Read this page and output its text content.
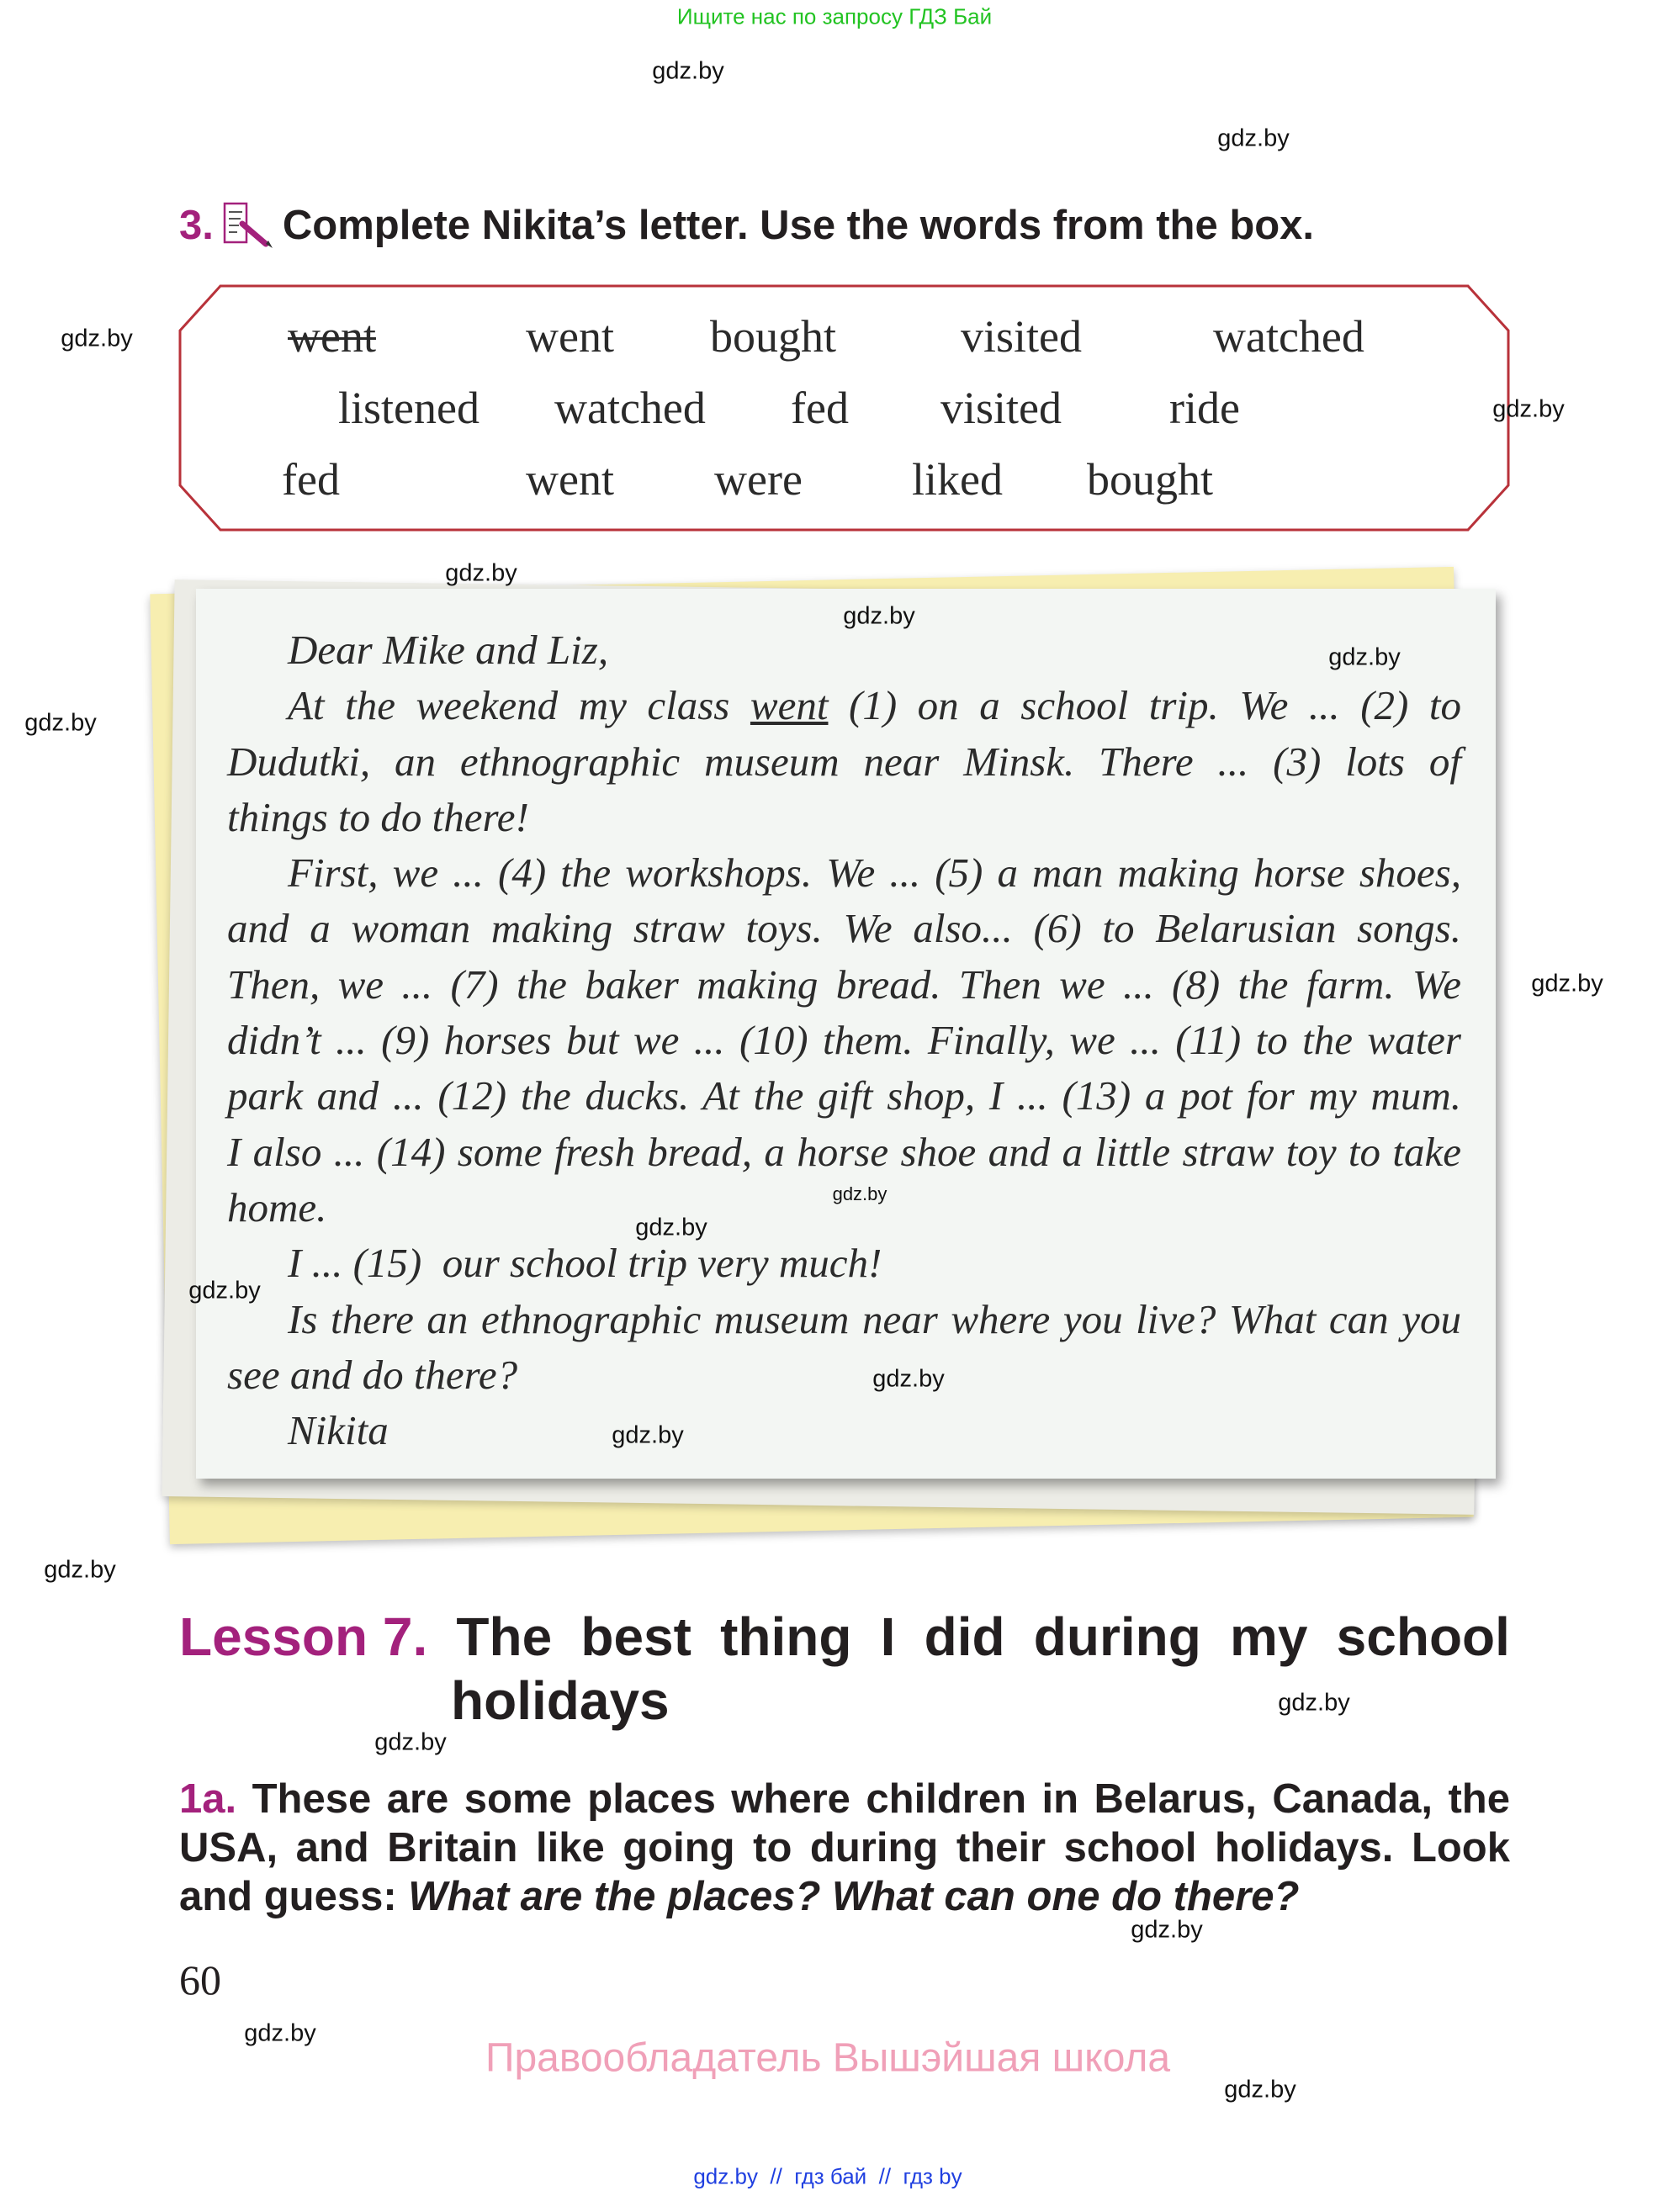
Ищите нас по запросу ГДЗ Бай
gdz.by
gdz.by
gdz.by
gdz.by
gdz.by
gdz.by
gdz.by
gdz.by
gdz.by
gdz.by
gdz.by
gdz.by
gdz.by
gdz.by
gdz.by
gdz.by
gdz.by
gdz.by
gdz.by
gdz.by
3. Complete Nikita’s letter. Use the words from the box.
went	went bought	visited	watched
listened watched fed visited ride
fed	went were liked bought
Dear Mike and Liz,
At the weekend my class went (1) on a school trip. We ... (2) to
Dudutki, an ethnographic museum near Minsk. There ... (3) lots of
things to do there!
First, we ... (4) the workshops. We ... (5) a man making horse shoes,
and a woman making straw toys. We also... (6) to Belarusian songs.
Then, we ... (7) the baker making bread. Then we ... (8) the farm. We
didn’t ... (9) horses but we ... (10) them. Finally, we ... (11) to the water
park and ... (12) the ducks. At the gift shop, I ... (13) a pot for my mum.
I also ... (14) some fresh bread, a horse shoe and a little straw toy to take
home.
I ... (15)  our school trip very much!
Is there an ethnographic museum near where you live? What can you
see and do there?
Nikita
Lesson 7. The best thing I did during my school
holidays
1a. These are some places where children in Belarus, Canada, the
USA, and Britain like going to during their school holidays. Look
and guess: What are the places? What can one do there?
60
Правообладатель Вышэйшая школа
gdz.by  //  гдз бай  //  гдз by
